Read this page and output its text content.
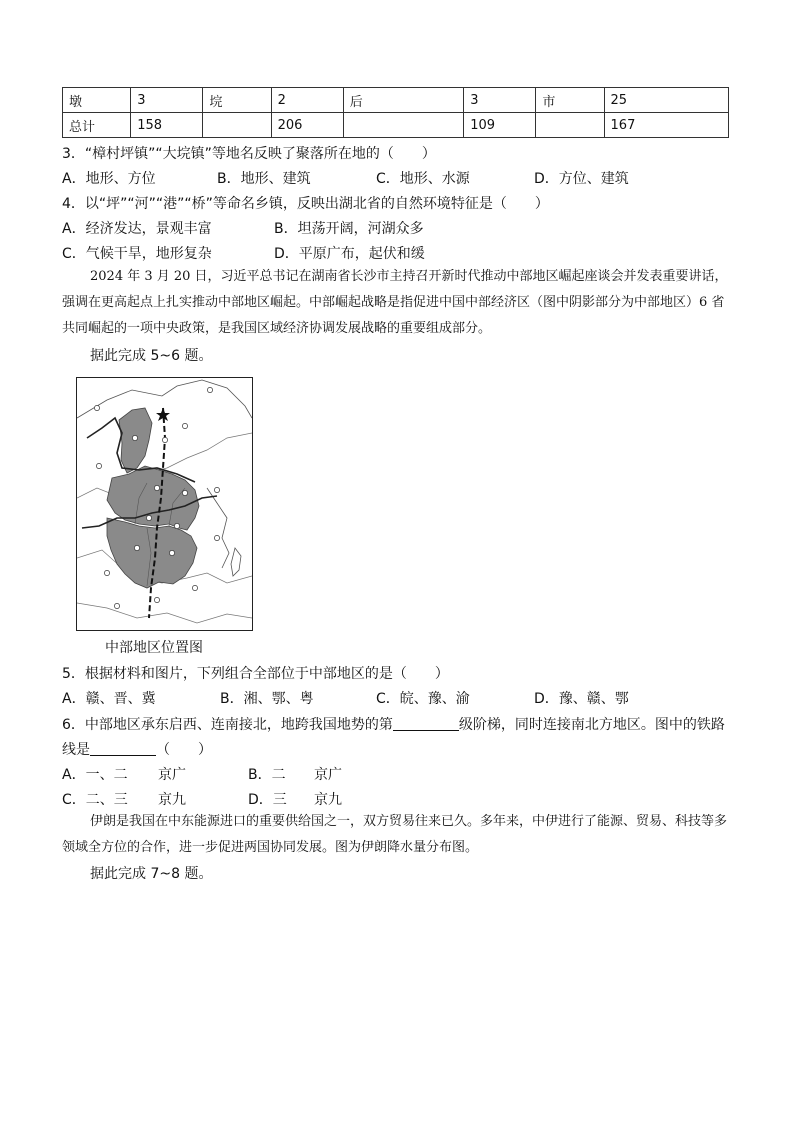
墩	3	垸	2	后	3	市	25
总计	158		206		109		167
3．“樟村坪镇”“大垸镇”等地名反映了聚落所在地的（　　）
A．地形、方位	B．地形、建筑	C．地形、水源	D．方位、建筑
4．以“坪”“河”“港”“桥”等命名乡镇，反映出湖北省的自然环境特征是（　　）
A．经济发达，景观丰富	B．坦荡开阔，河湖众多
C．气候干旱，地形复杂	D．平原广布，起伏和缓
2024 年 3 月 20 日，习近平总书记在湖南省长沙市主持召开新时代推动中部地区崛起座谈会并发表重要讲话，强调在更高起点上扎实推动中部地区崛起。中部崛起战略是指促进中国中部经济区（图中阴影部分为中部地区）6 省共同崛起的一项中央政策，是我国区域经济协调发展战略的重要组成部分。
据此完成 5~6 题。
中部地区位置图
5．根据材料和图片，下列组合全部位于中部地区的是（　　）
A．赣、晋、冀	B．湘、鄂、粤	C．皖、豫、渝	D．豫、赣、鄂
6．中部地区承东启西、连南接北，地跨我国地势的第	级阶梯，同时连接南北方地区。图中的铁路
线是	（　　）
A．一、二 京广	B．二 京广
C．二、三 京九	D．三 京九
伊朗是我国在中东能源进口的重要供给国之一，双方贸易往来已久。多年来，中伊进行了能源、贸易、科技等多领域全方位的合作，进一步促进两国协同发展。图为伊朗降水量分布图。
据此完成 7~8 题。
